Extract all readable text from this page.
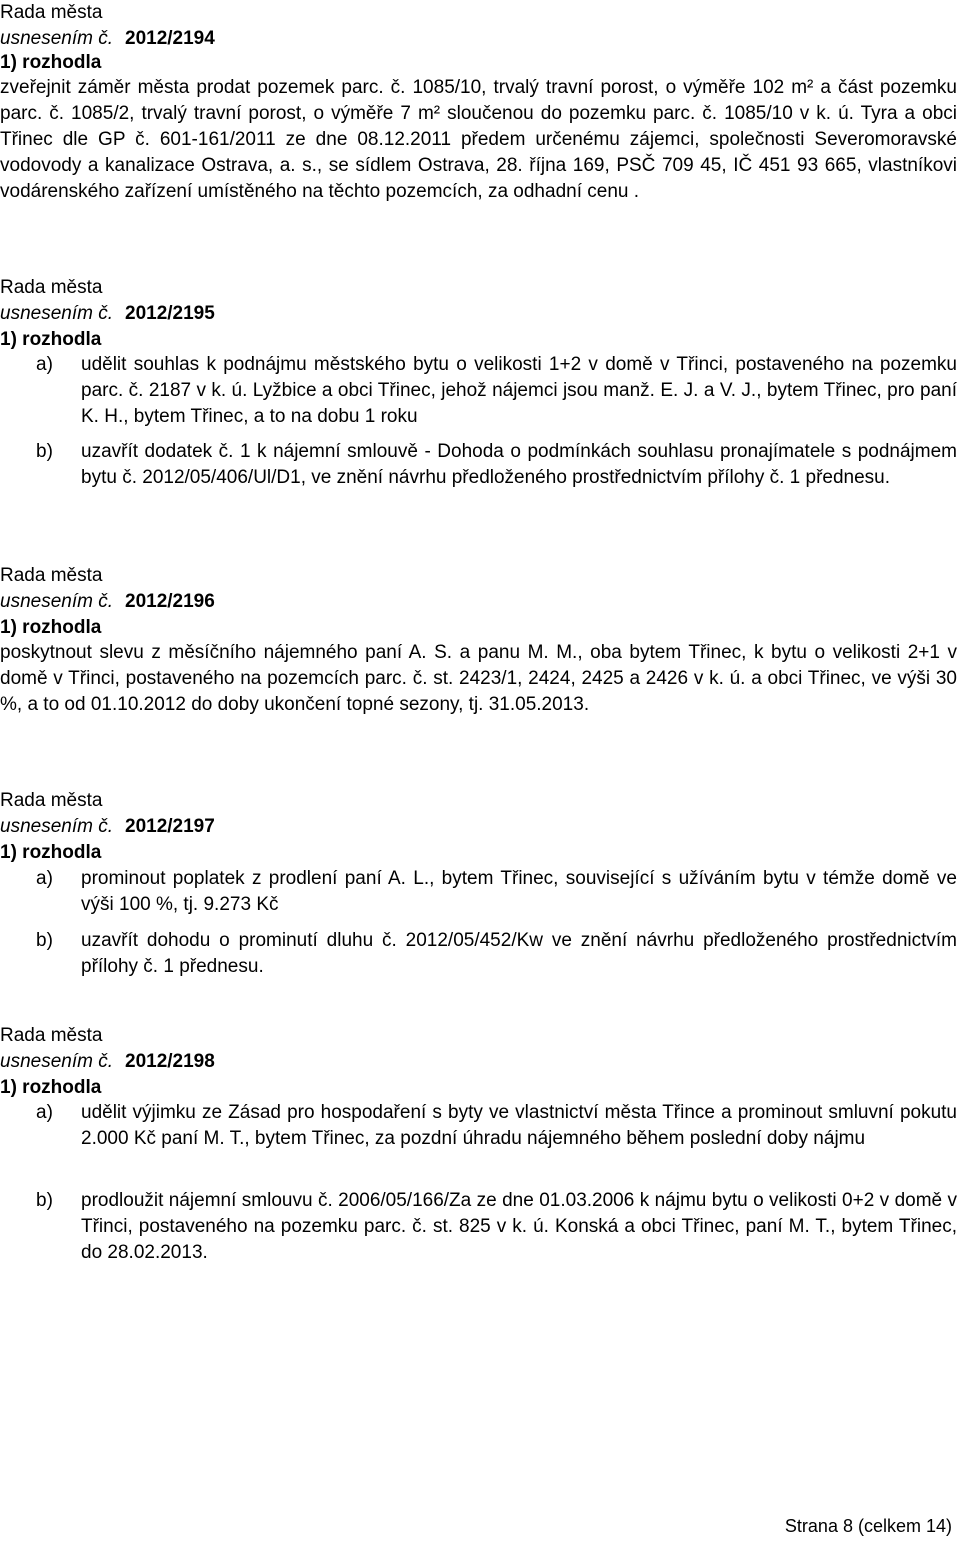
Rada města
usnesením č. 2012/2194
1) rozhodla
zveřejnit záměr města prodat pozemek parc. č. 1085/10, trvalý travní porost, o výměře 102 m² a část pozemku parc. č. 1085/2, trvalý travní porost, o výměře 7 m² sloučenou do pozemku parc. č. 1085/10 v k. ú. Tyra a obci Třinec dle GP č. 601-161/2011 ze dne 08.12.2011 předem určenému zájemci, společnosti Severomoravské vodovody a kanalizace Ostrava, a. s., se sídlem Ostrava, 28. října 169, PSČ 709 45, IČ 451 93 665, vlastníkovi vodárenského zařízení umístěného na těchto pozemcích, za odhadní cenu .
Rada města
usnesením č. 2012/2195
1) rozhodla
a) udělit souhlas k podnájmu městského bytu o velikosti 1+2 v domě v Třinci, postaveného na pozemku parc. č. 2187 v k. ú. Lyžbice a obci Třinec, jehož nájemci jsou manž. E. J. a V. J., bytem Třinec, pro paní K. H., bytem Třinec, a to na dobu 1 roku
b) uzavřít dodatek č. 1 k nájemní smlouvě - Dohoda o podmínkách souhlasu pronajímatele s podnájmem bytu č. 2012/05/406/Ul/D1, ve znění návrhu předloženého prostřednictvím přílohy č. 1 přednesu.
Rada města
usnesením č. 2012/2196
1) rozhodla
poskytnout slevu z měsíčního nájemného paní A. S. a panu M. M., oba bytem Třinec, k bytu o velikosti 2+1 v domě v Třinci, postaveného na pozemcích parc. č. st. 2423/1, 2424, 2425 a 2426 v k. ú. a obci Třinec, ve výši 30 %, a to od 01.10.2012 do doby ukončení topné sezony, tj. 31.05.2013.
Rada města
usnesením č. 2012/2197
1) rozhodla
a) prominout poplatek z prodlení paní A. L., bytem Třinec, související s užíváním bytu v témže domě ve výši 100 %, tj. 9.273 Kč
b) uzavřít dohodu o prominutí dluhu č. 2012/05/452/Kw ve znění návrhu předloženého prostřednictvím přílohy č. 1 přednesu.
Rada města
usnesením č. 2012/2198
1) rozhodla
a) udělit výjimku ze Zásad pro hospodaření s byty ve vlastnictví města Třince a prominout smluvní pokutu 2.000 Kč paní M. T., bytem Třinec, za pozdní úhradu nájemného během poslední doby nájmu
b) prodloužit nájemní smlouvu č. 2006/05/166/Za ze dne 01.03.2006 k nájmu bytu o velikosti 0+2 v domě v Třinci, postaveného na pozemku parc. č. st. 825 v k. ú. Konská a obci Třinec, paní M. T., bytem Třinec, do 28.02.2013.
Strana 8 (celkem 14)
